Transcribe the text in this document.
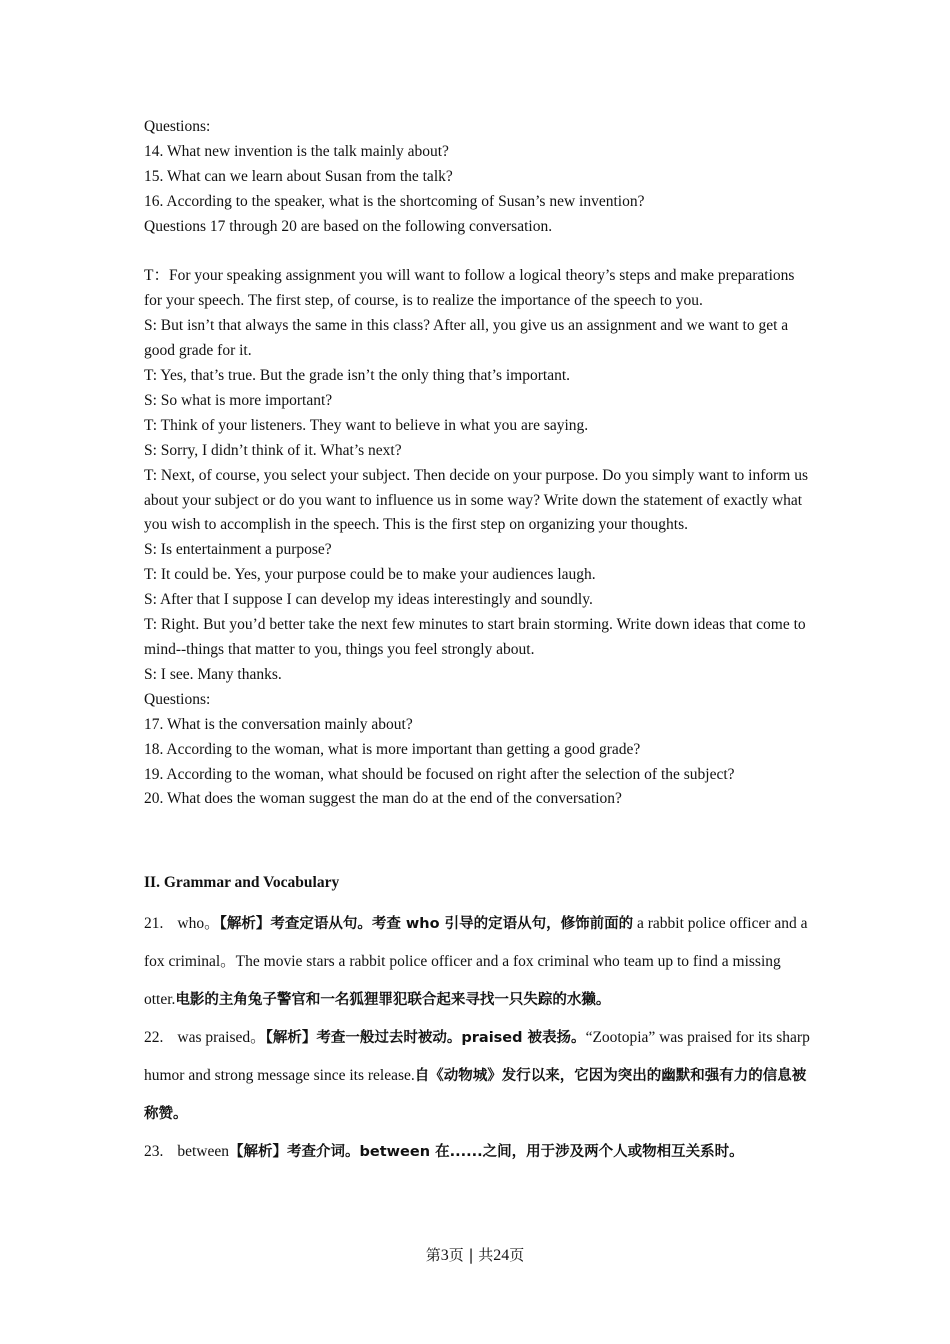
Questions:
14. What new invention is the talk mainly about?
15. What can we learn about Susan from the talk?
16. According to the speaker, what is the shortcoming of Susan’s new invention?
Questions 17 through 20 are based on the following conversation.
T：For your speaking assignment you will want to follow a logical theory’s steps and make preparations for your speech. The first step, of course, is to realize the importance of the speech to you.
S: But isn’t that always the same in this class? After all, you give us an assignment and we want to get a good grade for it.
T: Yes, that’s true. But the grade isn’t the only thing that’s important.
S: So what is more important?
T: Think of your listeners. They want to believe in what you are saying.
S: Sorry, I didn’t think of it. What’s next?
T: Next, of course, you select your subject. Then decide on your purpose. Do you simply want to inform us about your subject or do you want to influence us in some way? Write down the statement of exactly what you wish to accomplish in the speech. This is the first step on organizing your thoughts.
S: Is entertainment a purpose?
T: It could be. Yes, your purpose could be to make your audiences laugh.
S: After that I suppose I can develop my ideas interestingly and soundly.
T: Right. But you’d better take the next few minutes to start brain storming. Write down ideas that come to mind--things that matter to you, things you feel strongly about.
S: I see. Many thanks.
Questions:
17. What is the conversation mainly about?
18. According to the woman, what is more important than getting a good grade?
19. According to the woman, what should be focused on right after the selection of the subject?
20. What does the woman suggest the man do at the end of the conversation?
II. Grammar and Vocabulary
21. who。【解析】考查定语从句。考查 who 引导的定语从句，修饰前面的 a rabbit police officer and a fox criminal。The movie stars a rabbit police officer and a fox criminal who team up to find a missing otter.电影的主角兔子警官和一名狐狸罪犯联合起来寻找一只失踪的水獭。
22. was praised。【解析】考查一般过去时被动。praised 被表扬。“Zootopia” was praised for its sharp humor and strong message since its release.自《动物城》发行以来，它因为突出的幽默和强有力的信息被称赞。
23. between【解析】考查介词。between 在......之间，用于涉及两个人或物相互关系时。
第3页 | 共24页
